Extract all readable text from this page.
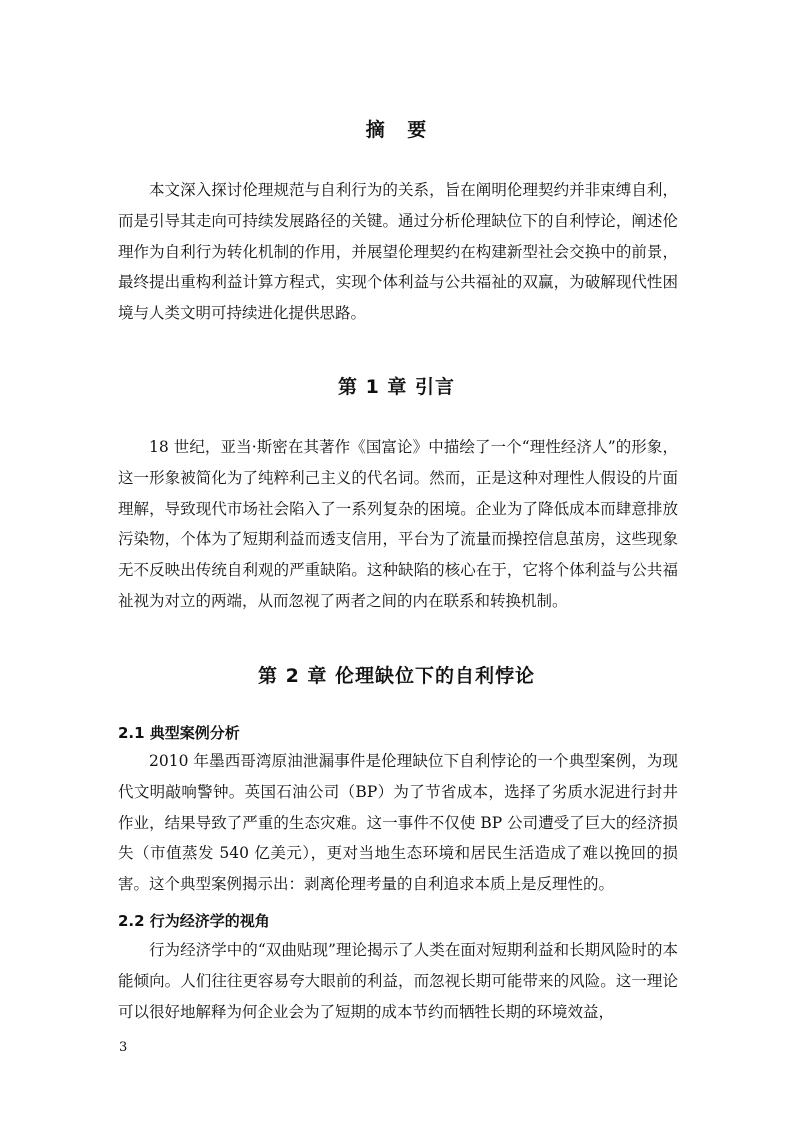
摘 要

本文深入探讨伦理规范与自利行为的关系，旨在阐明伦理契约并非束缚自利，而是引导其走向可持续发展路径的关键。通过分析伦理缺位下的自利悖论，阐述伦理作为自利行为转化机制的作用，并展望伦理契约在构建新型社会交换中的前景，最终提出重构利益计算方程式，实现个体利益与公共福祉的双赢，为破解现代性困境与人类文明可持续进化提供思路。

第 1 章 引言

18 世纪，亚当·斯密在其著作《国富论》中描绘了一个“理性经济人”的形象，这一形象被简化为了纯粹利己主义的代名词。然而，正是这种对理性人假设的片面理解，导致现代市场社会陷入了一系列复杂的困境。企业为了降低成本而肆意排放污染物，个体为了短期利益而透支信用，平台为了流量而操控信息茧房，这些现象无不反映出传统自利观的严重缺陷。这种缺陷的核心在于，它将个体利益与公共福祉视为对立的两端，从而忽视了两者之间的内在联系和转换机制。

第 2 章 伦理缺位下的自利悖论
2.1 典型案例分析

2010 年墨西哥湾原油泄漏事件是伦理缺位下自利悖论的一个典型案例，为现代文明敲响警钟。英国石油公司（BP）为了节省成本，选择了劣质水泥进行封井作业，结果导致了严重的生态灾难。这一事件不仅使 BP 公司遭受了巨大的经济损失（市值蒸发 540 亿美元），更对当地生态环境和居民生活造成了难以挽回的损害。这个典型案例揭示出：剥离伦理考量的自利追求本质上是反理性的。

2.2 行为经济学的视角

行为经济学中的“双曲贴现”理论揭示了人类在面对短期利益和长期风险时的本能倾向。人们往往更容易夸大眼前的利益，而忽视长期可能带来的风险。这一理论可以很好地解释为何企业会为了短期的成本节约而牺牲长期的环境效益，

3
